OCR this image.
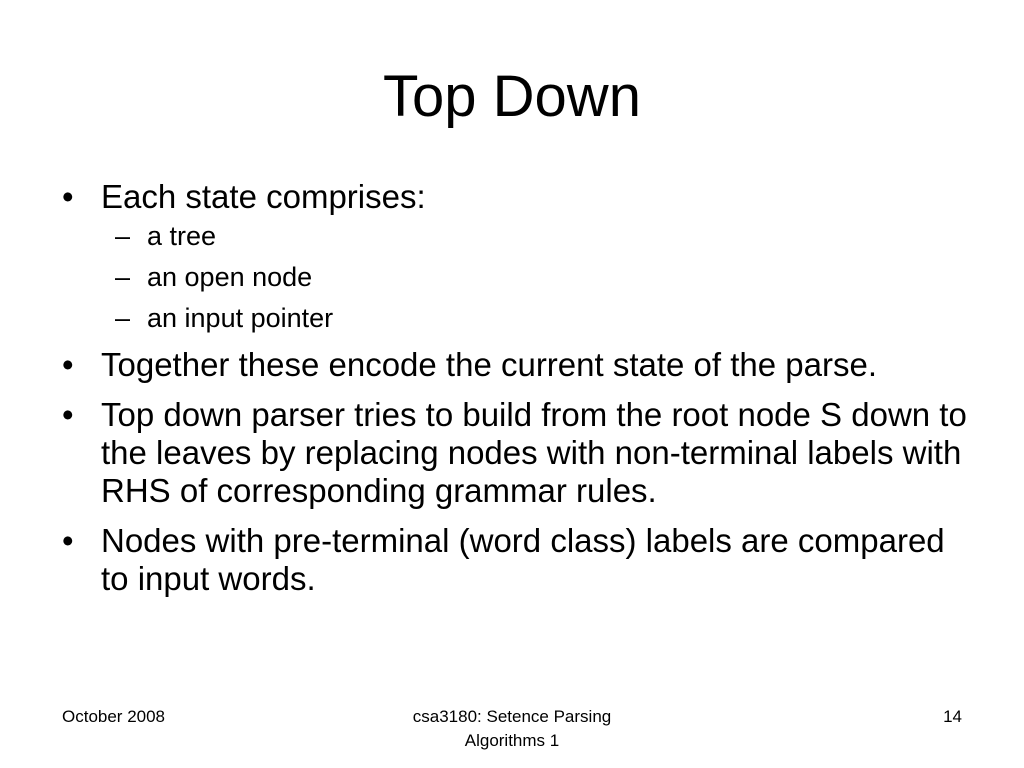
Top Down
• Each state comprises:
– a tree
– an open node
– an input pointer
• Together these encode the current state of the parse.
• Top down parser tries to build from the root node S down to the leaves by replacing nodes with non-terminal labels with RHS of corresponding grammar rules.
• Nodes with pre-terminal (word class) labels are compared to input words.
October 2008	csa3180: Setence Parsing
Algorithms 1
14
